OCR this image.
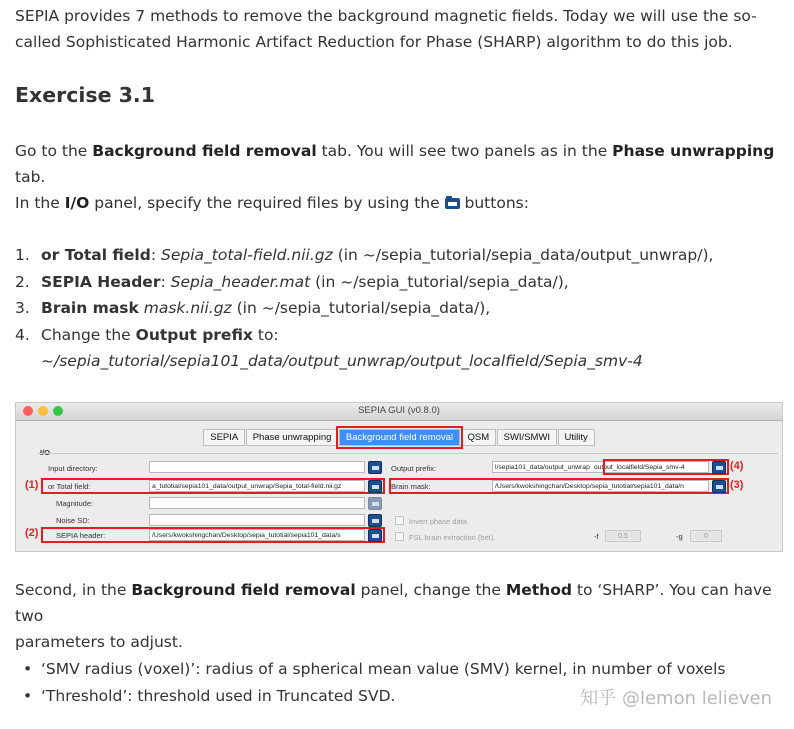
SEPIA provides 7 methods to remove the background magnetic fields. Today we will use the so-
called Sophisticated Harmonic Artifact Reduction for Phase (SHARP) algorithm to do this job.

Exercise 3.1

Go to the Background field removal tab. You will see two panels as in the Phase unwrapping tab.

In the I/O panel, specify the required files by using the  buttons:

1. or Total field: Sepia_total-field.nii.gz (in ~/sepia_tutorial/sepia_data/output_unwrap/),
2. SEPIA Header: Sepia_header.mat (in ~/sepia_tutorial/sepia_data/),
3. Brain mask mask.nii.gz (in ~/sepia_tutorial/sepia_data/),
4. Change the Output prefix to:
~/sepia_tutorial/sepia101_data/output_unwrap/output_localfield/Sepia_smv-4
SEPIA GUI (v0.8.0)
SEPIA Phase unwrapping Background field removal QSM SWI/SMWI Utility
I/O
Input directory:
(1) or Total field:	a_tutotial/sepia101_data/output_unwrap/Sepia_total-field.nii.gz
Magnitude:
Noise SD:
(2) SEPIA header:	/Users/kwokshingchan/Desktop/sepia_tutotial/sepia101_data/s
Output prefix:	l/sepia101_data/output_unwrap output_localfield/Sepia_smv-4	(4)
Brain mask:	/Users/kwokshingchan/Desktop/sepia_tutotial/sepia101_data/n	(3)
Invert phase data
FSL brain extraction (bet).	-f	0.5	-g	0

Second, in the Background field removal panel, change the Method to ‘SHARP’. You can have two
parameters to adjust.

• ‘SMV radius (voxel)’: radius of a spherical mean value (SMV) kernel, in number of voxels
• ‘Threshold’: threshold used in Truncated SVD.	知乎 @lemon lelieven
